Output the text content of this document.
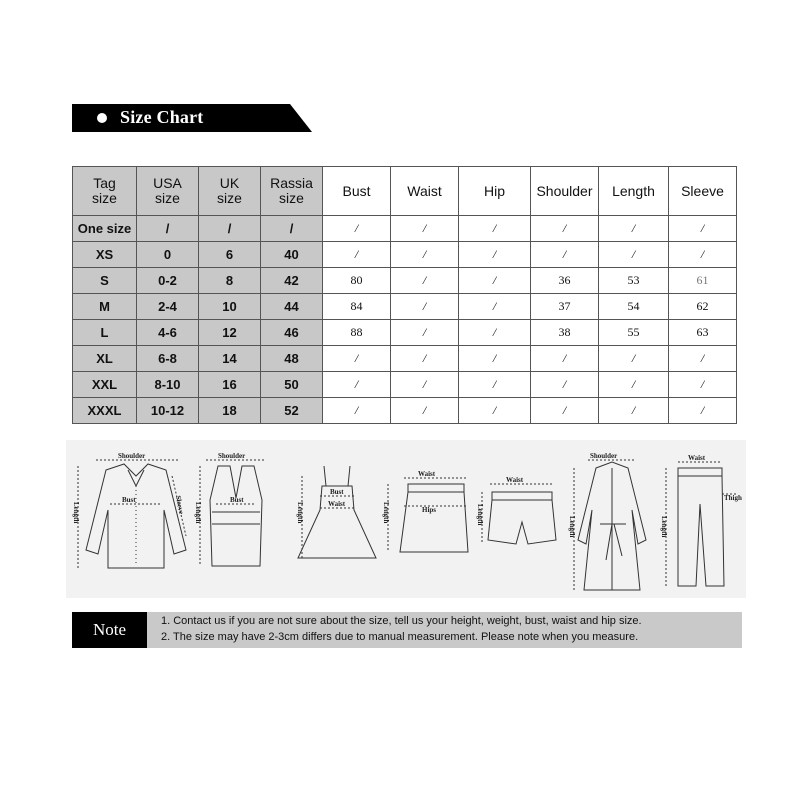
Size Chart
Tag size	USA size	UK size	Rassia size	Bust	Waist	Hip	Shoulder	Length	Sleeve
One size	/	/	/	/	/	/	/	/	/
XS	0	6	40	/	/	/	/	/	/
S	0-2	8	42	80	/	/	36	53	61
M	2-4	10	44	84	/	/	37	54	62
L	4-6	12	46	88	/	/	38	55	63
XL	6-8	14	48	/	/	/	/	/	/
XXL	8-10	16	50	/	/	/	/	/	/
XXXL	10-12	18	52	/	/	/	/	/	/
Shoulder
Bust	Sleeve
Length
Shoulder
Bust
Length
Bust
Waist
Length
Waist
Hips
Length
Waist
Length
Shoulder
Length
Waist
Thigh
Length
Note	1. Contact us if you are not sure about the size, tell us your height, weight, bust, waist and hip size.
2. The size may have 2-3cm differs due to manual measurement. Please note when you measure.
